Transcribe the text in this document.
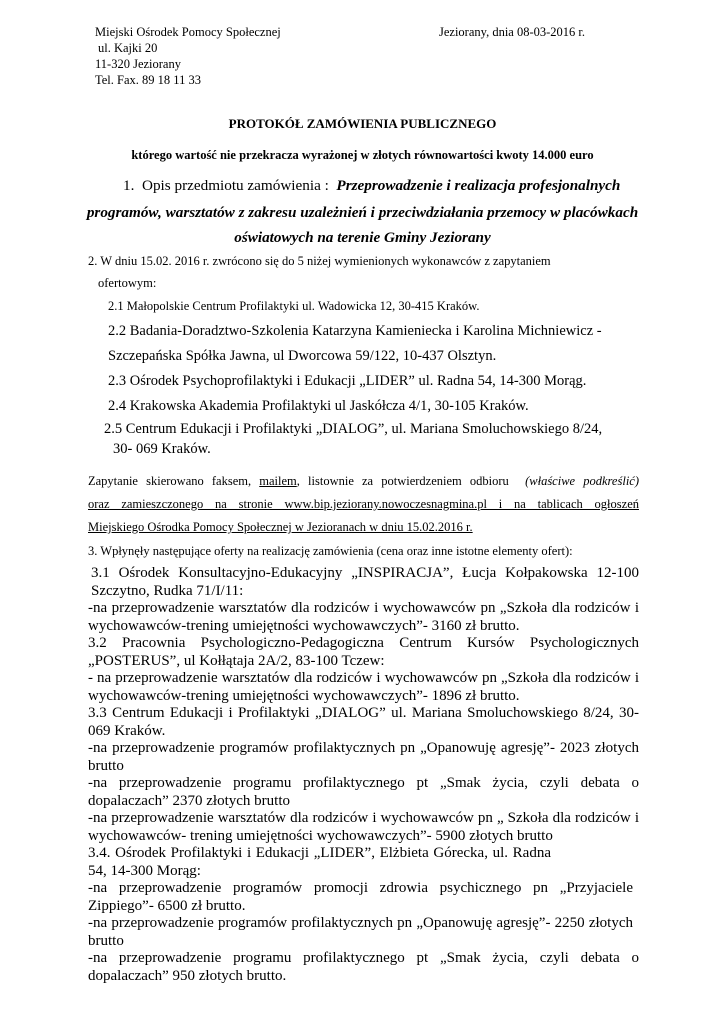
Miejski Ośrodek Pomocy Społecznej
ul. Kajki 20
11-320 Jeziorany
Tel. Fax. 89 18 11 33
Jeziorany, dnia 08-03-2016 r.
PROTOKÓŁ ZAMÓWIENIA PUBLICZNEGO
którego wartość nie przekracza wyrażonej w złotych równowartości kwoty 14.000 euro
1.  Opis przedmiotu zamówienia :  Przeprowadzenie i realizacja profesjonalnych
programów, warsztatów z zakresu uzależnień i przeciwdziałania przemocy w placówkach
oświatowych na terenie Gminy Jeziorany
2. W dniu 15.02. 2016 r. zwrócono się do 5 niżej wymienionych wykonawców z zapytaniem
ofertowym:
2.1 Małopolskie Centrum Profilaktyki ul. Wadowicka 12, 30-415 Kraków.
2.2 Badania-Doradztwo-Szkolenia Katarzyna Kamieniecka i Karolina Michniewicz -
Szczepańska Spółka Jawna, ul Dworcowa 59/122, 10-437 Olsztyn.
2.3 Ośrodek Psychoprofilaktyki i Edukacji „LIDER” ul. Radna 54, 14-300 Morąg.
2.4 Krakowska Akademia Profilaktyki ul Jaskółcza 4/1, 30-105 Kraków.
2.5 Centrum Edukacji i Profilaktyki „DIALOG”, ul. Mariana Smoluchowskiego 8/24,
30- 069 Kraków.
Zapytanie skierowano faksem, mailem, listownie za potwierdzeniem odbioru  (właściwe podkreślić)
oraz zamieszczonego na stronie www.bip.jeziorany.nowoczesnagmina.pl i na tablicach ogłoszeń
Miejskiego Ośrodka Pomocy Społecznej w Jezioranach w dniu 15.02.2016 r.
3. Wpłynęły następujące oferty na realizację zamówienia (cena oraz inne istotne elementy ofert):
3.1 Ośrodek Konsultacyjno-Edukacyjny „INSPIRACJA”, Łucja Kołpakowska 12-100 Szczytno, Rudka 71/I/11:
-na przeprowadzenie warsztatów dla rodziców i wychowawców pn „Szkoła dla rodziców i wychowawców-trening umiejętności wychowawczych”- 3160 zł brutto.
3.2 Pracownia Psychologiczno-Pedagogiczna Centrum Kursów Psychologicznych „POSTERUS”, ul Kołłątaja 2A/2, 83-100 Tczew:
- na przeprowadzenie warsztatów dla rodziców i wychowawców pn „Szkoła dla rodziców i wychowawców-trening umiejętności wychowawczych”- 1896 zł brutto.
3.3 Centrum Edukacji i Profilaktyki „DIALOG” ul. Mariana Smoluchowskiego 8/24, 30-069 Kraków.
-na przeprowadzenie programów profilaktycznych pn „Opanowuję agresję”- 2023 złotych brutto
-na przeprowadzenie programu profilaktycznego pt „Smak życia, czyli debata o dopalaczach” 2370 złotych brutto
-na przeprowadzenie warsztatów dla rodziców i wychowawców pn „ Szkoła dla rodziców i wychowawców- trening umiejętności wychowawczych”- 5900 złotych brutto
3.4. Ośrodek Profilaktyki i Edukacji „LIDER”, Elżbieta Górecka, ul. Radna 54, 14-300 Morąg:
-na przeprowadzenie programów promocji zdrowia psychicznego pn „Przyjaciele Zippiego”- 6500 zł brutto.
-na przeprowadzenie programów profilaktycznych pn „Opanowuję agresję”- 2250 złotych brutto
-na przeprowadzenie programu profilaktycznego pt „Smak życia, czyli debata o dopalaczach” 950 złotych brutto.
